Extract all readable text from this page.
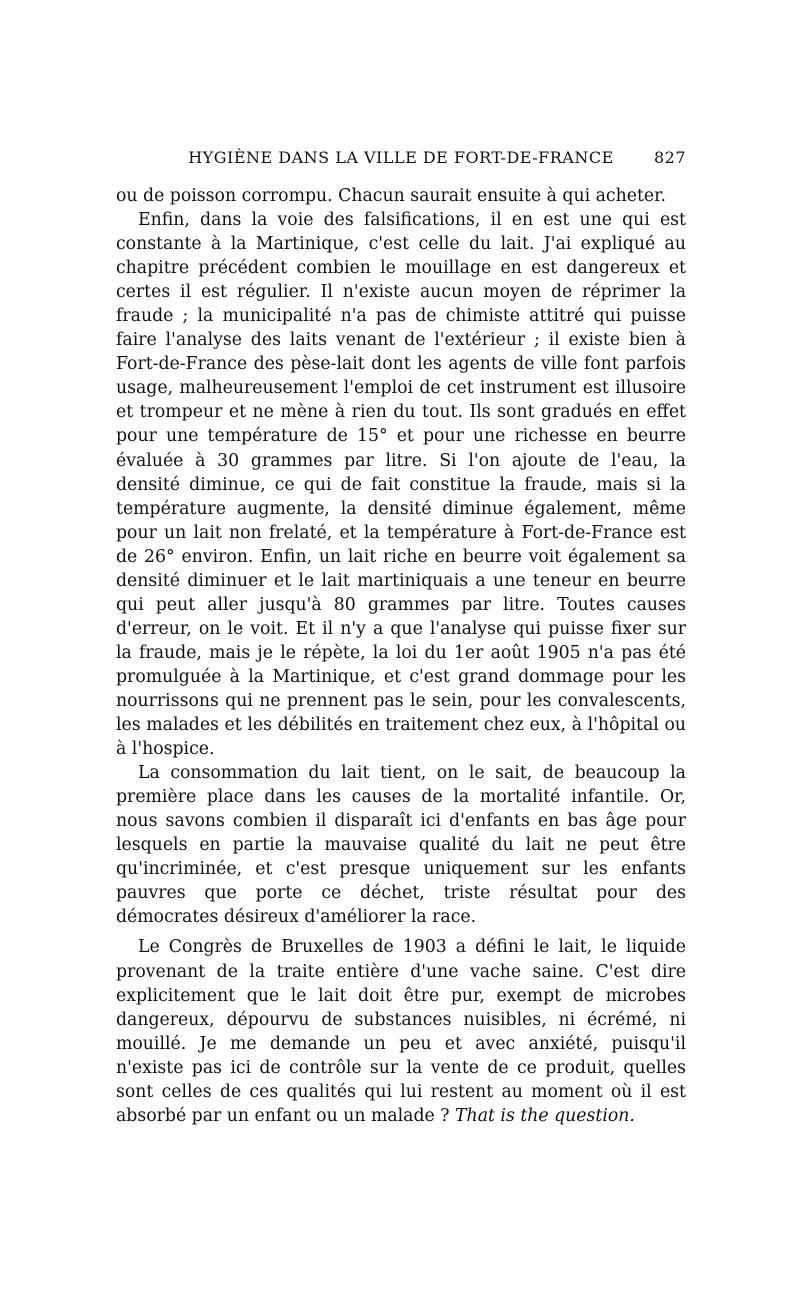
HYGIÈNE DANS LA VILLE DE FORT-DE-FRANCE	827

ou de poisson corrompu. Chacun saurait ensuite à qui acheter.

Enfin, dans la voie des falsifications, il en est une qui est constante à la Martinique, c'est celle du lait. J'ai expliqué au chapitre précédent combien le mouillage en est dangereux et certes il est régulier. Il n'existe aucun moyen de réprimer la fraude ; la municipalité n'a pas de chimiste attitré qui puisse faire l'analyse des laits venant de l'extérieur ; il existe bien à Fort-de-France des pèse-lait dont les agents de ville font parfois usage, malheureusement l'emploi de cet instrument est illusoire et trompeur et ne mène à rien du tout. Ils sont gradués en effet pour une température de 15° et pour une richesse en beurre évaluée à 30 grammes par litre. Si l'on ajoute de l'eau, la densité diminue, ce qui de fait constitue la fraude, mais si la température augmente, la densité diminue également, même pour un lait non frelaté, et la température à Fort-de-France est de 26° environ. Enfin, un lait riche en beurre voit également sa densité diminuer et le lait martiniquais a une teneur en beurre qui peut aller jusqu'à 80 grammes par litre. Toutes causes d'erreur, on le voit. Et il n'y a que l'analyse qui puisse fixer sur la fraude, mais je le répète, la loi du 1er août 1905 n'a pas été promulguée à la Martinique, et c'est grand dommage pour les nourrissons qui ne prennent pas le sein, pour les convalescents, les malades et les débilités en traitement chez eux, à l'hôpital ou à l'hospice.

La consommation du lait tient, on le sait, de beaucoup la première place dans les causes de la mortalité infantile. Or, nous savons combien il disparaît ici d'enfants en bas âge pour lesquels en partie la mauvaise qualité du lait ne peut être qu'incriminée, et c'est presque uniquement sur les enfants pauvres que porte ce déchet, triste résultat pour des démocrates désireux d'améliorer la race.

Le Congrès de Bruxelles de 1903 a défini le lait, le liquide provenant de la traite entière d'une vache saine. C'est dire explicitement que le lait doit être pur, exempt de microbes dangereux, dépourvu de substances nuisibles, ni écrémé, ni mouillé. Je me demande un peu et avec anxiété, puisqu'il n'existe pas ici de contrôle sur la vente de ce produit, quelles sont celles de ces qualités qui lui restent au moment où il est absorbé par un enfant ou un malade ? That is the question.
